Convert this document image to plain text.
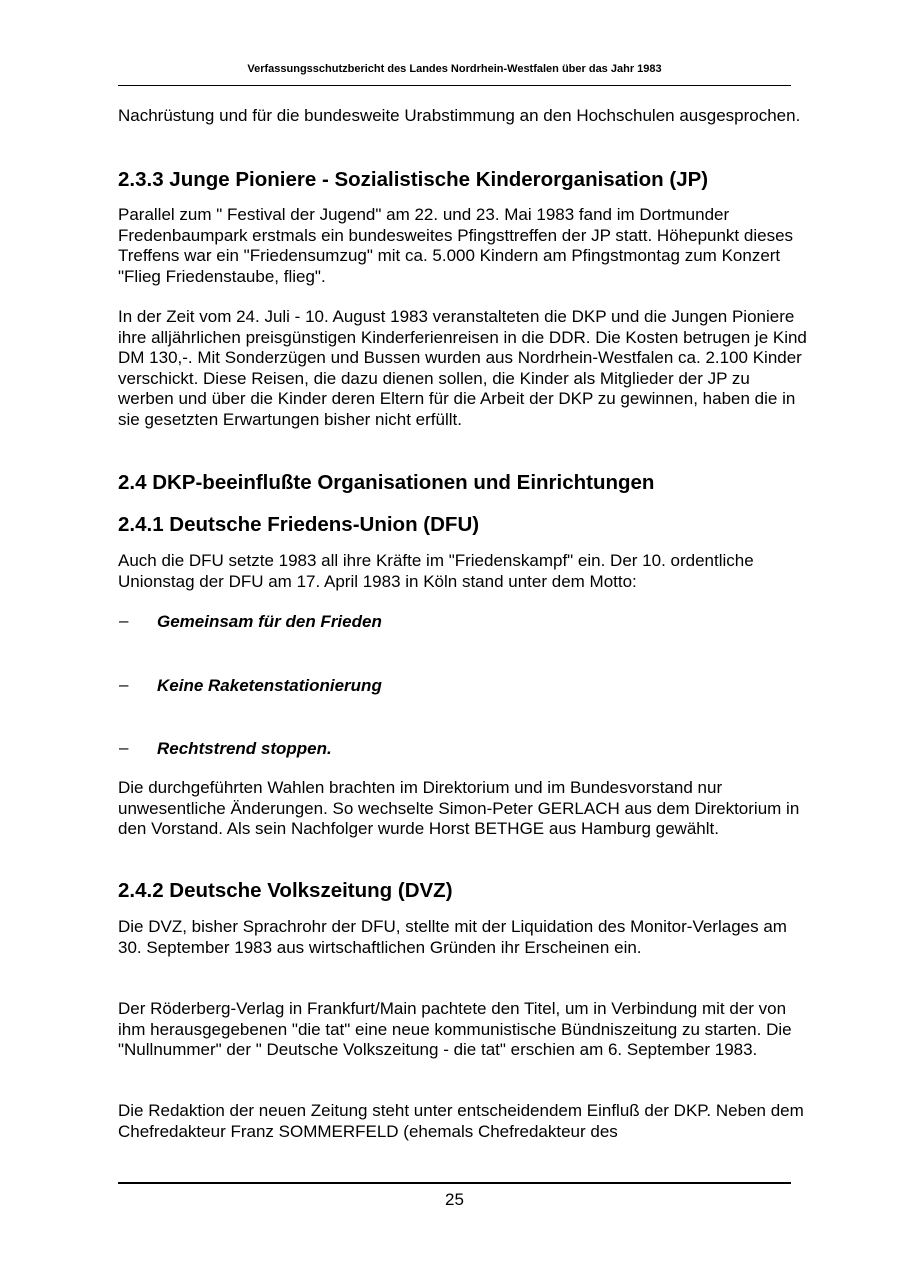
Verfassungsschutzbericht des Landes Nordrhein-Westfalen über das Jahr 1983

Nachrüstung und für die bundesweite Urabstimmung an den Hochschulen ausgesprochen.

2.3.3 Junge Pioniere - Sozialistische Kinderorganisation (JP)

Parallel zum " Festival der Jugend" am 22. und 23. Mai 1983 fand im Dortmunder Fredenbaumpark erstmals ein bundesweites Pfingsttreffen der JP statt. Höhepunkt dieses Treffens war ein "Friedensumzug" mit ca. 5.000 Kindern am Pfingstmontag zum Konzert "Flieg Friedenstaube, flieg".

In der Zeit vom 24. Juli - 10. August 1983 veranstalteten die DKP und die Jungen Pioniere ihre alljährlichen preisgünstigen Kinderferienreisen in die DDR. Die Kosten betrugen je Kind DM 130,-. Mit Sonderzügen und Bussen wurden aus Nordrhein-Westfalen ca. 2.100 Kinder verschickt. Diese Reisen, die dazu dienen sollen, die Kinder als Mitglieder der JP zu werben und über die Kinder deren Eltern für die Arbeit der DKP zu gewinnen, haben die in sie gesetzten Erwartungen bisher nicht erfüllt.

2.4 DKP-beeinflußte Organisationen und Einrichtungen
2.4.1 Deutsche Friedens-Union (DFU)

Auch die DFU setzte 1983 all ihre Kräfte im "Friedenskampf" ein. Der 10. ordentliche Unionstag der DFU am 17. April 1983 in Köln stand unter dem Motto:

– Gemeinsam für den Frieden
– Keine Raketenstationierung
– Rechtstrend stoppen.

Die durchgeführten Wahlen brachten im Direktorium und im Bundesvorstand nur unwesentliche Änderungen. So wechselte Simon-Peter GERLACH aus dem Direktorium in den Vorstand. Als sein Nachfolger wurde Horst BETHGE aus Hamburg gewählt.

2.4.2 Deutsche Volkszeitung (DVZ)

Die DVZ, bisher Sprachrohr der DFU, stellte mit der Liquidation des Monitor-Verlages am 30. September 1983 aus wirtschaftlichen Gründen ihr Erscheinen ein.

Der Röderberg-Verlag in Frankfurt/Main pachtete den Titel, um in Verbindung mit der von ihm herausgegebenen "die tat" eine neue kommunistische Bündniszeitung zu starten. Die "Nullnummer" der " Deutsche Volkszeitung - die tat" erschien am 6. September 1983.

Die Redaktion der neuen Zeitung steht unter entscheidendem Einfluß der DKP. Neben dem Chefredakteur Franz SOMMERFELD (ehemals Chefredakteur des

25
